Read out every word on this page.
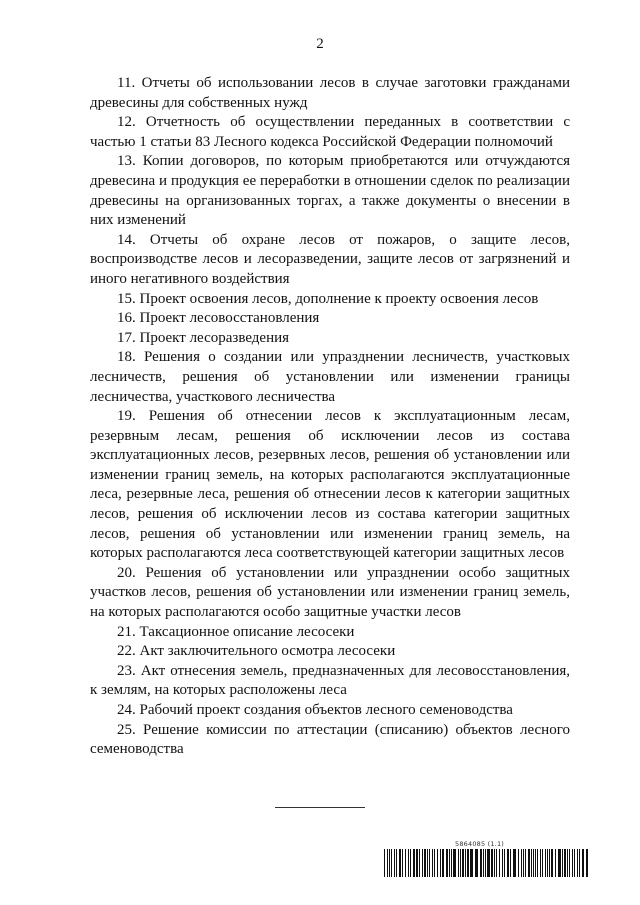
2

11. Отчеты об использовании лесов в случае заготовки гражданами древесины для собственных нужд

12. Отчетность об осуществлении переданных в соответствии с частью 1 статьи 83 Лесного кодекса Российской Федерации полномочий

13. Копии договоров, по которым приобретаются или отчуждаются древесина и продукция ее переработки в отношении сделок по реализации древесины на организованных торгах, а также документы о внесении в них изменений

14. Отчеты об охране лесов от пожаров, о защите лесов, воспроизводстве лесов и лесоразведении, защите лесов от загрязнений и иного негативного воздействия

15. Проект освоения лесов, дополнение к проекту освоения лесов

16. Проект лесовосстановления

17. Проект лесоразведения

18. Решения о создании или упразднении лесничеств, участковых лесничеств, решения об установлении или изменении границы лесничества, участкового лесничества

19. Решения об отнесении лесов к эксплуатационным лесам, резервным лесам, решения об исключении лесов из состава эксплуатационных лесов, резервных лесов, решения об установлении или изменении границ земель, на которых располагаются эксплуатационные леса, резервные леса, решения об отнесении лесов к категории защитных лесов, решения об исключении лесов из состава категории защитных лесов, решения об установлении или изменении границ земель, на которых располагаются леса соответствующей категории защитных лесов

20. Решения об установлении или упразднении особо защитных участков лесов, решения об установлении или изменении границ земель, на которых располагаются особо защитные участки лесов

21. Таксационное описание лесосеки

22. Акт заключительного осмотра лесосеки

23. Акт отнесения земель, предназначенных для лесовосстановления, к землям, на которых расположены леса

24. Рабочий проект создания объектов лесного семеноводства

25. Решение комиссии по аттестации (списанию) объектов лесного семеноводства

5864085 (1.1)
